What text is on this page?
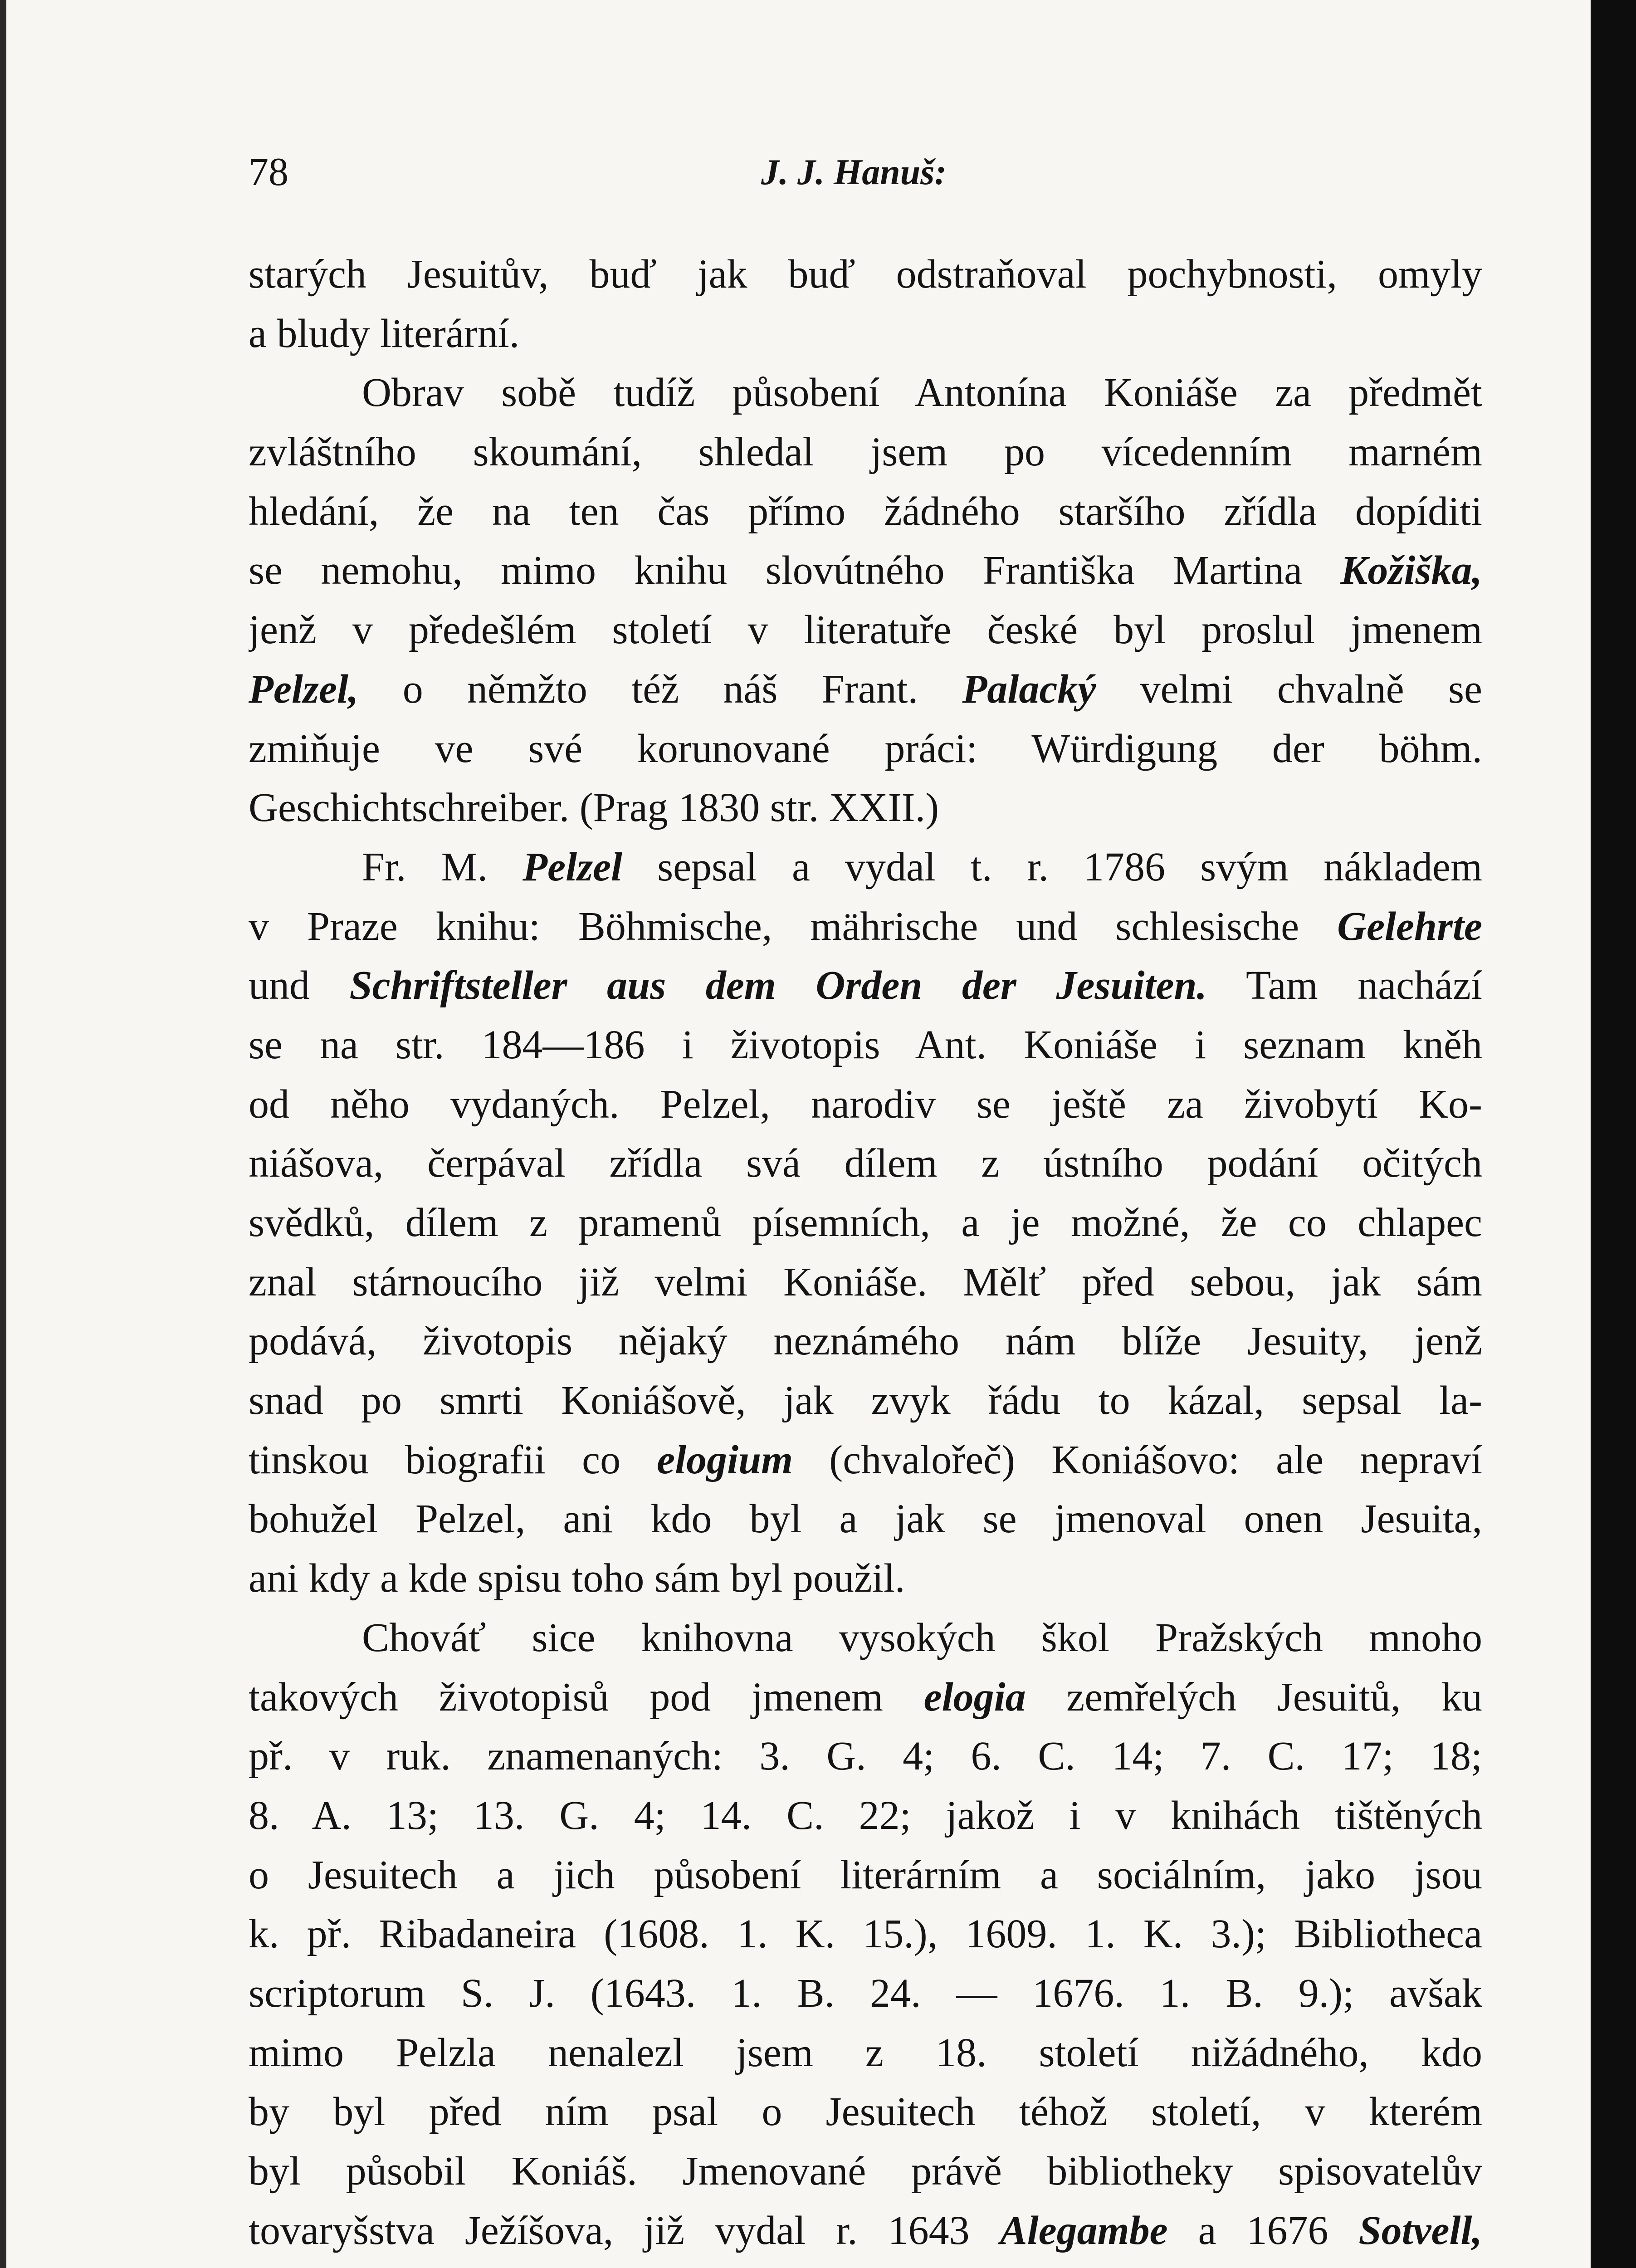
78	J. J. Hanuš:
starých Jesuitův, buď jak buď odstraňoval pochybnosti, omyly
a bludy literární.
Obrav sobě tudíž působení Antonína Koniáše za předmět
zvláštního skoumání, shledal jsem po vícedenním marném
hledání, že na ten čas přímo žádného staršího zřídla dopíditi
se nemohu, mimo knihu slovútného Františka Martina Kožiška,
jenž v předešlém století v literatuře české byl proslul jmenem
Pelzel, o němžto též náš Frant. Palacký velmi chvalně se
zmiňuje ve své korunované práci: Würdigung der böhm.
Geschichtschreiber. (Prag 1830 str. XXII.)
Fr. M. Pelzel sepsal a vydal t. r. 1786 svým nákladem
v Praze knihu: Böhmische, mährische und schlesische Gelehrte
und Schriftsteller aus dem Orden der Jesuiten. Tam nachází
se na str. 184—186 i životopis Ant. Koniáše i seznam kněh
od něho vydaných. Pelzel, narodiv se ještě za živobytí Ko-
niášova, čerpával zřídla svá dílem z ústního podání očitých
svědků, dílem z pramenů písemních, a je možné, že co chlapec
znal stárnoucího již velmi Koniáše. Mělť před sebou, jak sám
podává, životopis nějaký neznámého nám blíže Jesuity, jenž
snad po smrti Koniášově, jak zvyk řádu to kázal, sepsal la-
tinskou biografii co elogium (chvalořeč) Koniášovo: ale nepraví
bohužel Pelzel, ani kdo byl a jak se jmenoval onen Jesuita,
ani kdy a kde spisu toho sám byl použil.
Chováť sice knihovna vysokých škol Pražských mnoho
takových životopisů pod jmenem elogia zemřelých Jesuitů, ku
př. v ruk. znamenaných: 3. G. 4; 6. C. 14; 7. C. 17; 18;
8. A. 13; 13. G. 4; 14. C. 22; jakož i v knihách tištěných
o Jesuitech a jich působení literárním a sociálním, jako jsou
k. př. Ribadaneira (1608. 1. K. 15.), 1609. 1. K. 3.); Bibliotheca
scriptorum S. J. (1643. 1. B. 24. — 1676. 1. B. 9.); avšak
mimo Pelzla nenalezl jsem z 18. století nižádného, kdo
by byl před ním psal o Jesuitech téhož století, v kterém
byl působil Koniáš. Jmenované právě bibliotheky spisovatelův
tovaryšstva Ježíšova, již vydal r. 1643 Alegambe a 1676 Sotvell,
